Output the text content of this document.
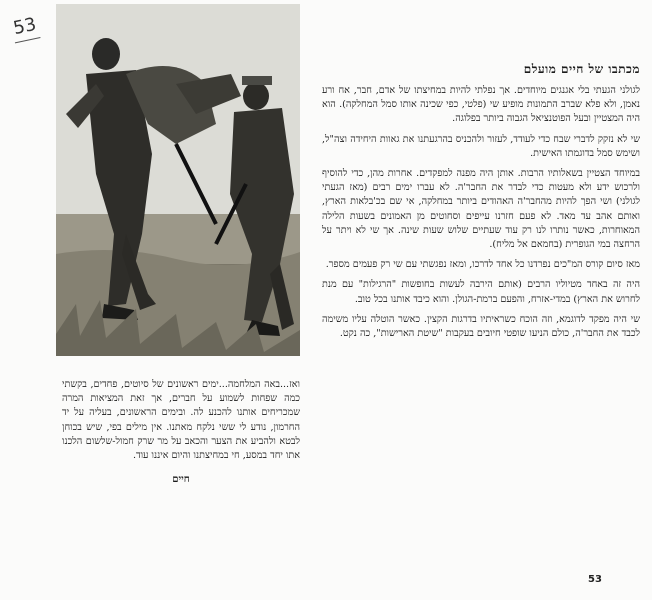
53
מכתבו של חיים מועלם

לגולני הגעתי בלי אגנגים מיוחדים. אך נפלתי להיות במחיצתו של אדם, חבר, אח ורע נאמן, ולא פלא שברב התמונות מופיע שי (פלטי, כפי שכינה אותו סמל המחלקה). הוא היה המצטיין ובעל הפוטנציאל הגבוה ביותר בפלוגה.

שי לא נזקק לדברי שבח כדי לעודד, לעזור ולהכניס בהרגעתנו את גאוות היחידה וצה"ל, ושימש סמל בדוגמתו האישית.

במיוחד הצטיין בשאלותיו הרבות. אותן היה מפנה למפקדים. אחרות מהן, כדי להוסיף ולרכוש ידע ולא מעטות כדי לבדר את החבר'ה. לא עברו ימים רבים (מאז הגעתי לגולני) ושי הפך להיות מהחבר'ה האהודים ביותר במחלקה, אי שם בכ'בלאות הארץ, ואותם אהב עד מאד. לא פעם חזרנו עייפים וסחוטים מן האמונים בשעות הלילה המאוחרות, כאשר נותרו לנו רק עוד שעתיים שלוש שעות שינה. אך שי לא ויתר על הרחצה במי הגופרית (בחמאם אל מליח).

מאז סיום קורס המ"כים נפרדנו כל אחד לדרכו, ומאז נפגשתי עם שי רק פעמים מספר.

היה זה באחד מטיוליו הרבים (אותם הירבה לעשות בחופשות "הרגילות" עם מנת לחרוש את הארץ) במדי-אזרח, והפעם ברמת-הגולן. והוא כיבד אותנו בכל טוב.

שי היה מפקד לדוגמא, וזה הוכח כשראיתיו בדרגות הקצין. כאשר הוטלה עליו משימה לכבד את החבר'ה, כולם הניעו שופטי חיובים בעקבות "שיטת הארישות", כה נקט.

ואז...באה המלחמה...ימים ראשונים של סיוטים, פחדים, בקשתי כמה שפחות לשמוע על חברים, אך זאת המציאות המרה שמכריחים אותנו להכנע לה. ובימים הראשונים, בעליה על יד החרמון, נודע לי ששי נלקח מאתנו. אין מילים בפי, שיש בכוחן לבטא ולהביע את הצער והכאב על מר שרק חמול-שלשום הלכנו אתו יחד במסע, חי במחיצתנו והיום איננו עוד.

חיים
53
